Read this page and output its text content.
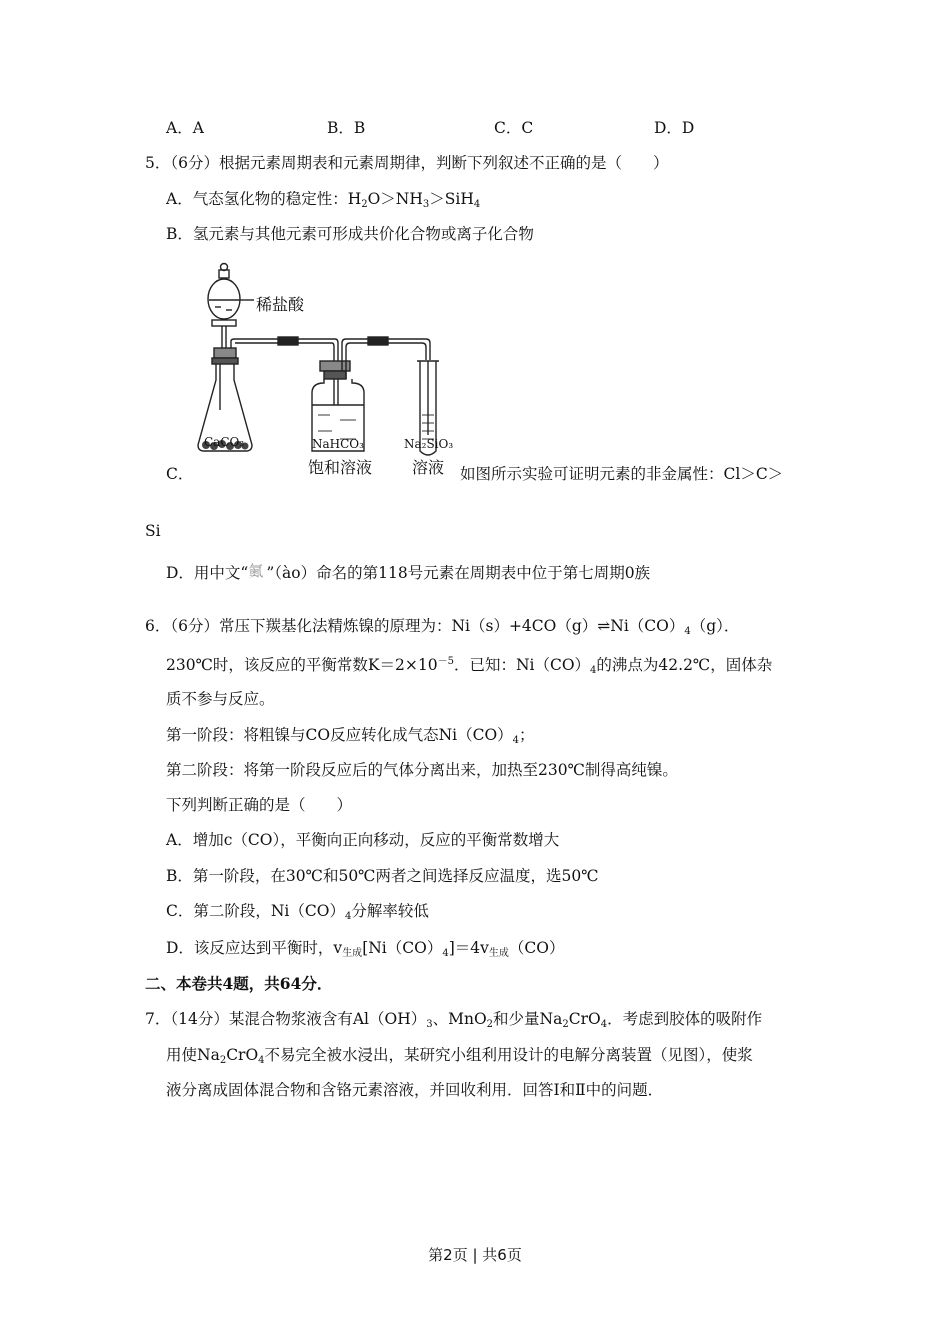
A．A	B．B	C．C	D．D
5．（6分）根据元素周期表和元素周期律，判断下列叙述不正确的是（　　）
A．气态氢化物的稳定性：$H_2O>NH_3>SiH_4$
B．氢元素与其他元素可形成共价化合物或离子化合物
C．	如图所示实验可证明元素的非金属性：Cl＞C＞
Si
D．用中文“鿫 ”（ào）命名的第118号元素在周期表中位于第七周期0族
6．（6分）常压下羰基化法精炼镍的原理为：$Ni(s)+4CO(g)\rightleftharpoons Ni(CO)_4(g)$．
230℃时，该反应的平衡常数$K=2\times 10^{-5}$．已知：$Ni(CO)_4$的沸点为42.2℃，固体杂
质不参与反应。
第一阶段：将粗镍与CO反应转化成气态$Ni(CO)_4$；
第二阶段：将第一阶段反应后的气体分离出来，加热至230℃制得高纯镍。
下列判断正确的是（　　）
A．增加c（CO），平衡向正向移动，反应的平衡常数增大
B．第一阶段，在30℃和50℃两者之间选择反应温度，选50℃
C．第二阶段，$Ni(CO)_4$分解率较低
D．该反应达到平衡时，$v_{生成}[Ni(CO)_4]=4v_{生成}(CO)$
二、本卷共4题，共64分．
7．（14分）某混合物浆液含有$Al(OH)_3$、MnO$_2$和少量$Na_2CrO_4$．考虑到胶体的吸附作
用使$Na_2CrO_4$不易完全被水浸出，某研究小组利用设计的电解分离装置（见图），使浆
液分离成固体混合物和含铬元素溶液，并回收利用．回答Ⅰ和Ⅱ中的问题．
稀盐酸
CaCO₃	NaHCO₃
饱和溶液
Na₂SiO₃
溶液
第2页 | 共6页
